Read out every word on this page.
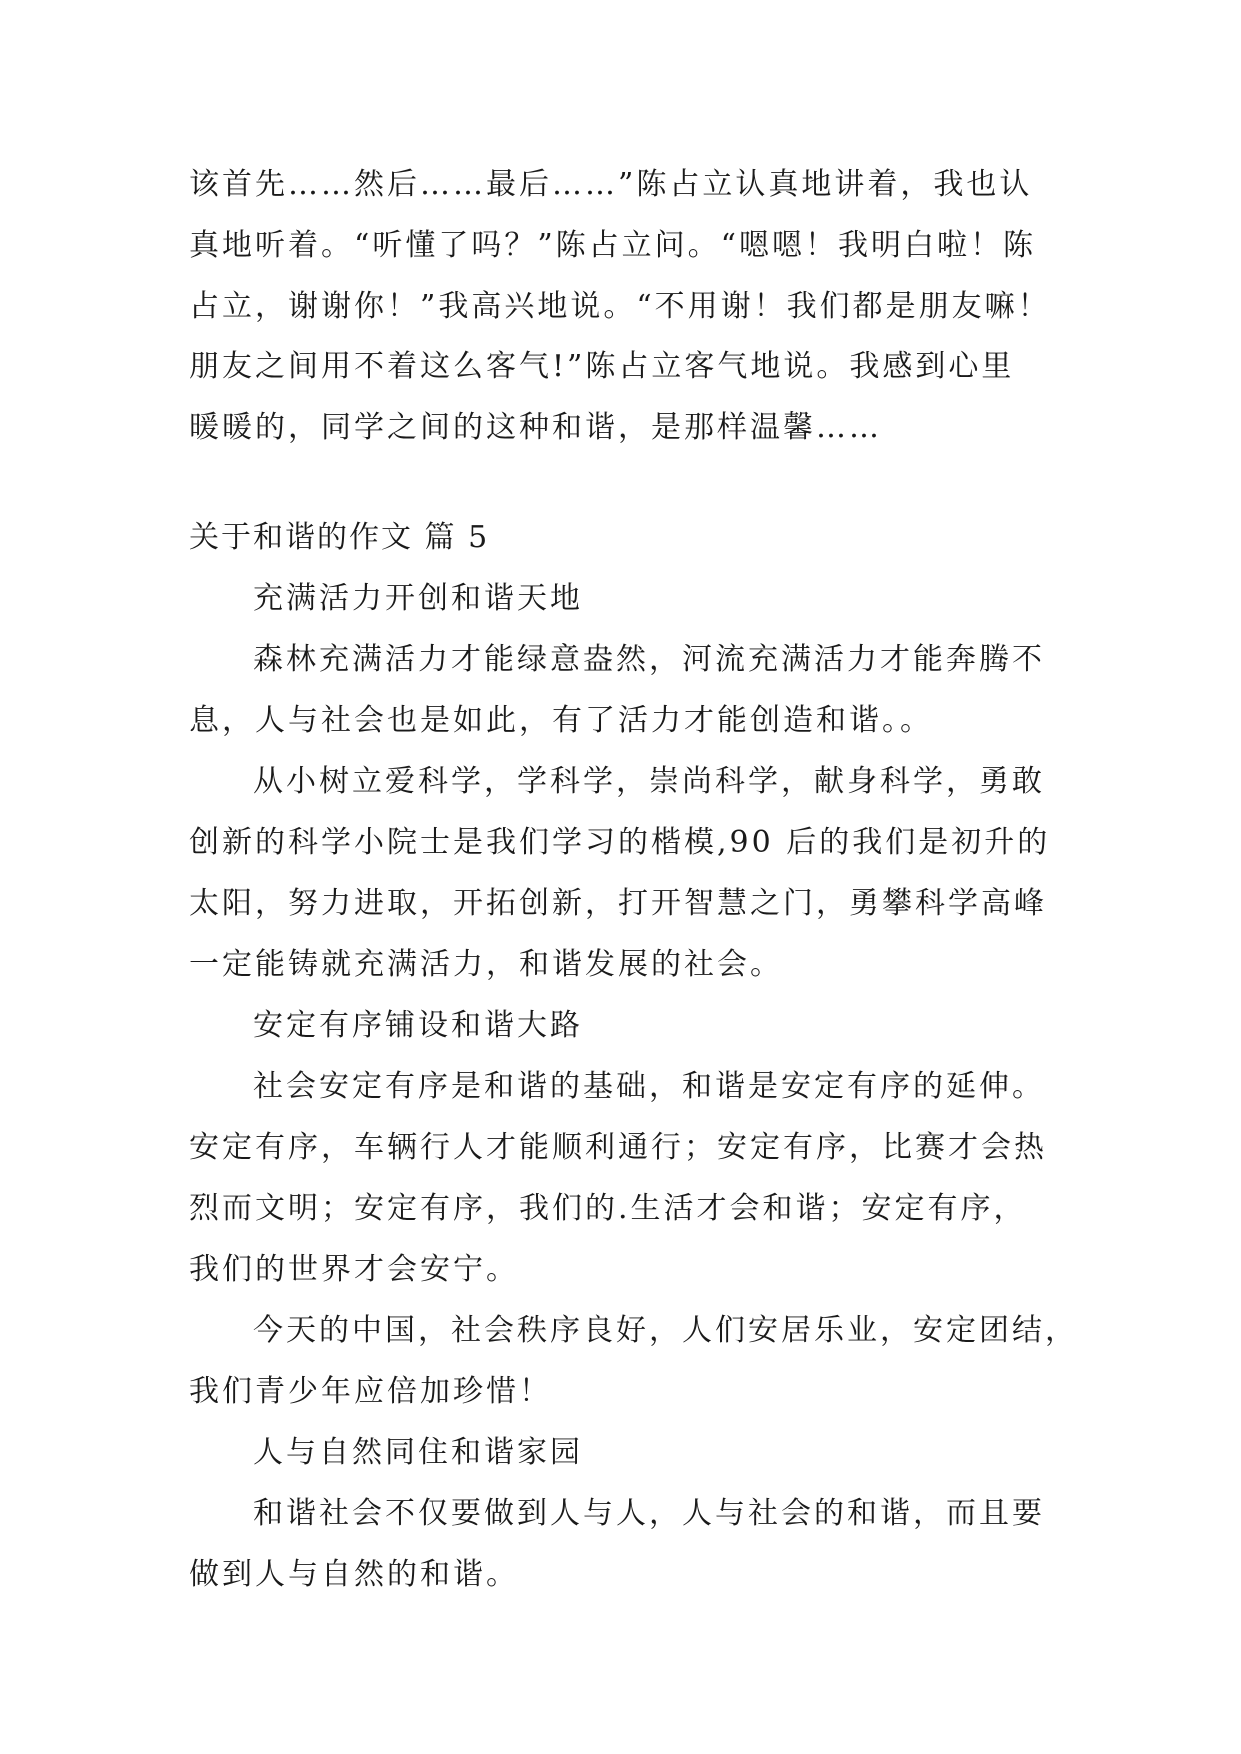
该首先……然后……最后……”陈占立认真地讲着，我也认
真地听着。“听懂了吗？”陈占立问。“嗯嗯！我明白啦！陈
占立，谢谢你！”我高兴地说。“不用谢！我们都是朋友嘛！
朋友之间用不着这么客气!”陈占立客气地说。我感到心里
暖暖的，同学之间的这种和谐，是那样温馨……
关于和谐的作文 篇 5
充满活力开创和谐天地
森林充满活力才能绿意盎然，河流充满活力才能奔腾不
息，人与社会也是如此，有了活力才能创造和谐。。
从小树立爱科学，学科学，崇尚科学，献身科学，勇敢
创新的科学小院士是我们学习的楷模,90 后的我们是初升的
太阳，努力进取，开拓创新，打开智慧之门，勇攀科学高峰
一定能铸就充满活力，和谐发展的社会。
安定有序铺设和谐大路
社会安定有序是和谐的基础，和谐是安定有序的延伸。
安定有序，车辆行人才能顺利通行；安定有序，比赛才会热
烈而文明；安定有序，我们的.生活才会和谐；安定有序，
我们的世界才会安宁。
今天的中国，社会秩序良好，人们安居乐业，安定团结，
我们青少年应倍加珍惜！
人与自然同住和谐家园
和谐社会不仅要做到人与人，人与社会的和谐，而且要
做到人与自然的和谐。
